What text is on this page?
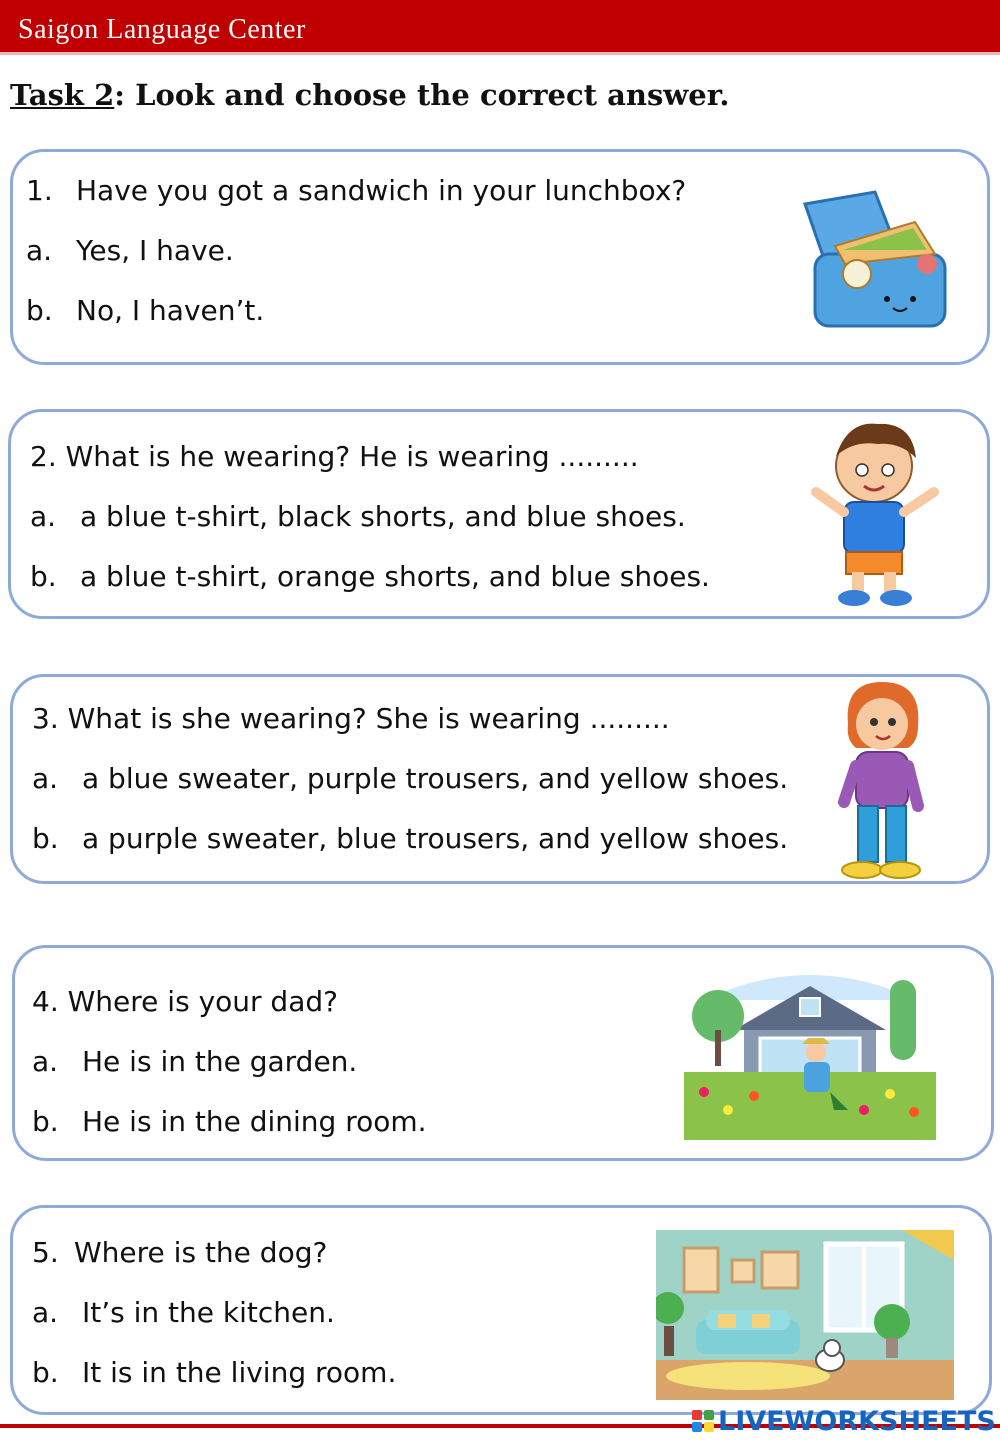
Saigon Language Center
Task 2: Look and choose the correct answer.
1. Have you got a sandwich in your lunchbox?
a. Yes, I have.
b. No, I haven’t.
2. What is he wearing? He is wearing .........
a. a blue t-shirt, black shorts, and blue shoes.
b. a blue t-shirt, orange shorts, and blue shoes.
3. What is she wearing? She is wearing .........
a. a blue sweater, purple trousers, and yellow shoes.
b. a purple sweater, blue trousers, and yellow shoes.
4. Where is your dad?
a. He is in the garden.
b. He is in the dining room.
5. Where is the dog?
a. It’s in the kitchen.
b. It is in the living room.
LIVEWORKSHEETS
